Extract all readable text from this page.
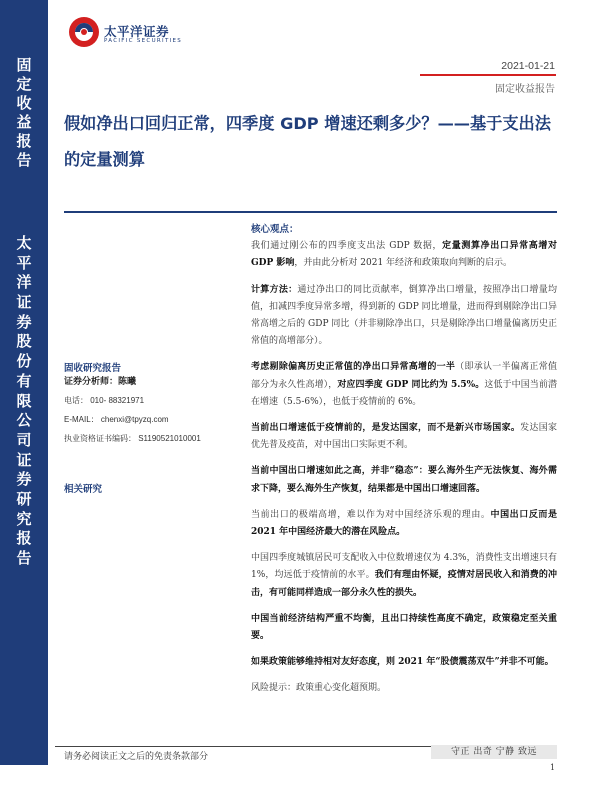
固
定
收
益
报
告
太
平
洋
证
券
股
份
有
限
公
司
证
券
研
究
报
告
太平洋证券
PACIFIC SECURITIES
2021-01-21
固定收益报告
假如净出口回归正常，四季度 GDP 增速还剩多少？——基于支出法的定量测算
固收研究报告
证券分析师：陈曦
电话： 010- 88321971
E-MAIL： chenxi@tpyzq.com
执业资格证书编码： S1190521010001
相关研究
核心观点：

我们通过刚公布的四季度支出法 GDP 数据，定量测算净出口异常高增对 GDP 影响，并由此分析对 2021 年经济和政策取向判断的启示。

计算方法：通过净出口的同比贡献率，倒算净出口增量，按照净出口增量均值，扣减四季度异常多增，得到新的 GDP 同比增量，进而得到剔除净出口异常高增之后的 GDP 同比（并非剔除净出口，只是剔除净出口增量偏离历史正常值的高增部分）。

考虑剔除偏离历史正常值的净出口异常高增的一半（即承认一半偏离正常值部分为永久性高增），对应四季度 GDP 同比约为 5.5%。这低于中国当前潜在增速（5.5-6%），也低于疫情前的 6%。

当前出口增速低于疫情前的，是发达国家，而不是新兴市场国家。发达国家优先普及疫苗，对中国出口实际更不利。

当前中国出口增速如此之高，并非“稳态”：要么海外生产无法恢复、海外需求下降，要么海外生产恢复，结果都是中国出口增速回落。

当前出口的极端高增，难以作为对中国经济乐观的理由。中国出口反而是 2021 年中国经济最大的潜在风险点。

中国四季度城镇居民可支配收入中位数增速仅为 4.3%，消费性支出增速只有 1%，均远低于疫情前的水平。我们有理由怀疑，疫情对居民收入和消费的冲击，有可能同样造成一部分永久性的损失。

中国当前经济结构严重不均衡，且出口持续性高度不确定，政策稳定至关重要。

如果政策能够维持相对友好态度，则 2021 年“股债震荡双牛”并非不可能。

风险提示：政策重心变化超预期。

请务必阅读正文之后的免责条款部分	守正 出奇 宁静 致远
1
